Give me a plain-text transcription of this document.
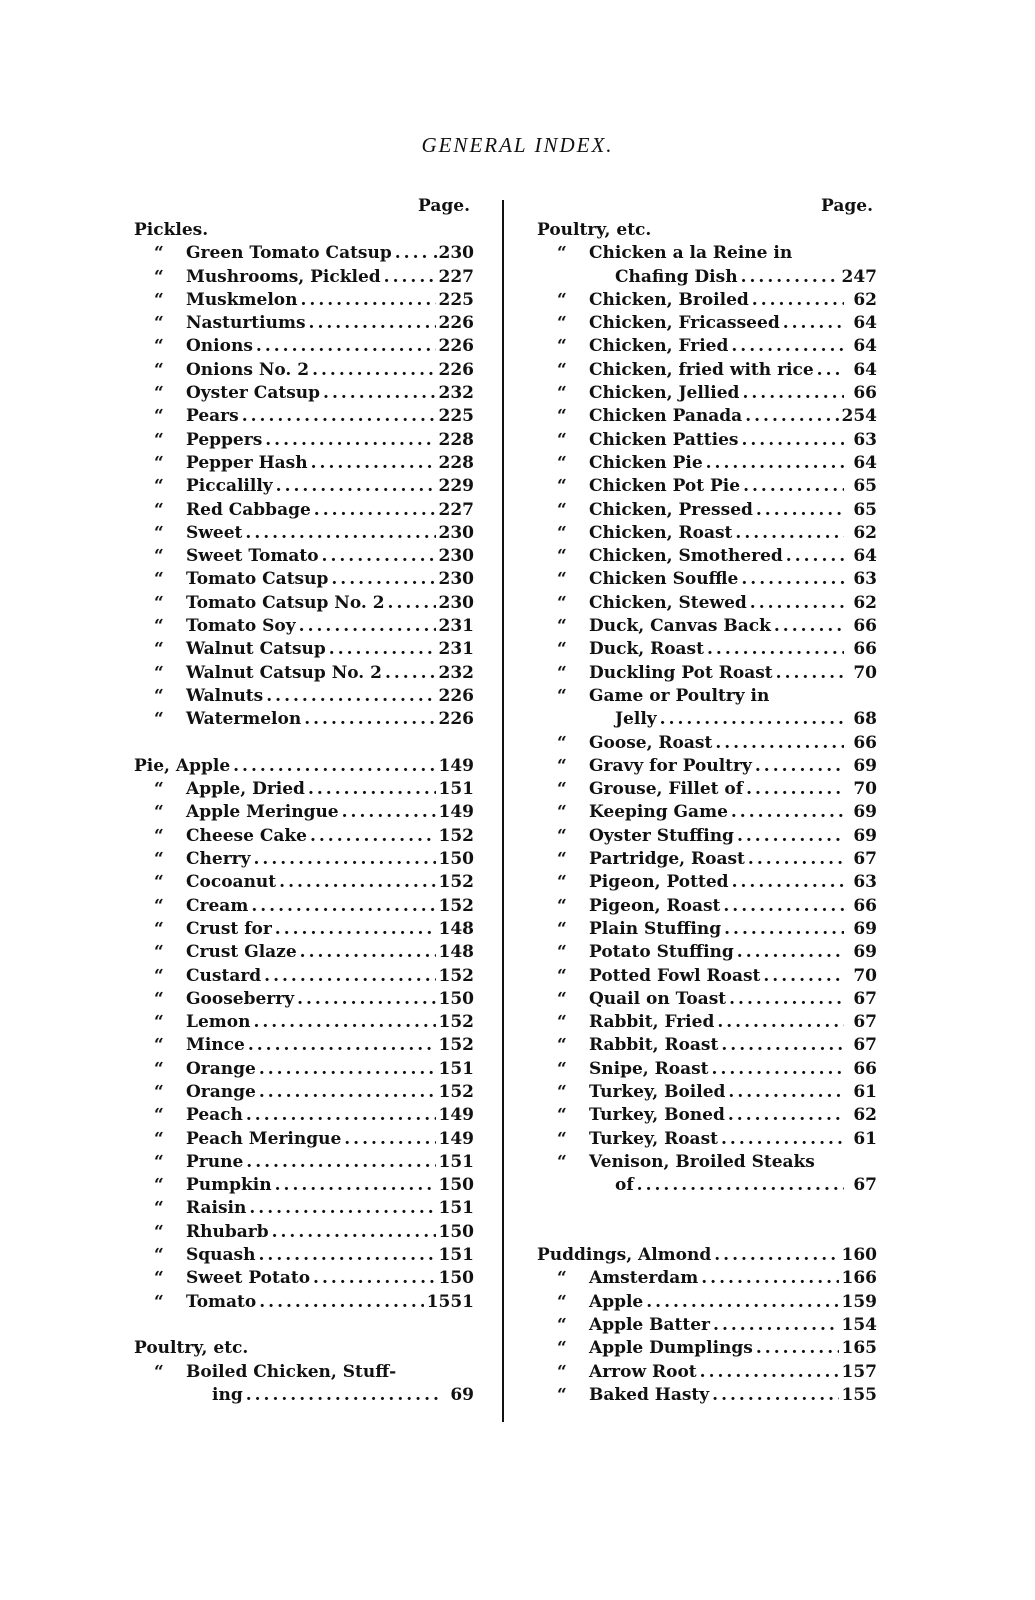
GENERAL INDEX.
Page.
Pickles.
“	Green Tomato Catsup ..... .230
“	Mushrooms, Pickled .....	227
“	Muskmelon .....	225
“	Nasturtiums .....	226
“	Onions .....	226
“	Onions No. 2 .....	226
“	Oyster Catsup .....	232
“	Pears .....	225
“	Peppers .....	228
“	Pepper Hash .....	228
“	Piccalilly .....	229
“	Red Cabbage .....	227
“	Sweet .....	230
“	Sweet Tomato .....	230
“	Tomato Catsup .....	230
“	Tomato Catsup No. 2 .....	230
“	Tomato Soy .....	231
“	Walnut Catsup .....	231
“	Walnut Catsup No. 2 .....	232
“	Walnuts .....	226
“	Watermelon .....	226
Pie, Apple .....	149
“	Apple, Dried .....	151
“	Apple Meringue .....	149
“	Cheese Cake .....	152
“	Cherry .....	150
“	Cocoanut .....	152
“	Cream .....	152
“	Crust for .....	148
“	Crust Glaze .....	148
“	Custard .....	152
“	Gooseberry .....	150
“	Lemon .....	152
“	Mince .....	152
“	Orange .....	151
“	Orange .....	152
“	Peach .....	149
“	Peach Meringue .....	149
“	Prune .....	151
“	Pumpkin .....	150
“	Raisin .....	151
“	Rhubarb .....	150
“	Squash .....	151
“	Sweet Potato .....	150
“	Tomato .....	1551
Poultry, etc.
“	Boiled Chicken, Stuff-
ing .....	69
Page.
Poultry, etc.
“	Chicken a la Reine in
Chafing Dish .....	247
“	Chicken, Broiled .....	62
“	Chicken, Fricasseed .....	64
“	Chicken, Fried .....	64
“	Chicken, fried with rice .....	64
“	Chicken, Jellied .....	66
“	Chicken Panada .....	254
“	Chicken Patties .....	63
“	Chicken Pie .....	64
“	Chicken Pot Pie .....	65
“	Chicken, Pressed .....	65
“	Chicken, Roast .....	62
“	Chicken, Smothered .....	64
“	Chicken Souffle .....	63
“	Chicken, Stewed .....	62
“	Duck, Canvas Back .....	66
“	Duck, Roast .....	66
“	Duckling Pot Roast .....	70
“	Game or Poultry in
Jelly .....	68
“	Goose, Roast .....	66
“	Gravy for Poultry .....	69
“	Grouse, Fillet of .....	70
“	Keeping Game .....	69
“	Oyster Stuffing .....	69
“	Partridge, Roast .....	67
“	Pigeon, Potted .....	63
“	Pigeon, Roast .....	66
“	Plain Stuffing .....	69
“	Potato Stuffing .....	69
“	Potted Fowl Roast .....	70
“	Quail on Toast .....	67
“	Rabbit, Fried .....	67
“	Rabbit, Roast .....	67
“	Snipe, Roast .....	66
“	Turkey, Boiled .....	61
“	Turkey, Boned .....	62
“	Turkey, Roast .....	61
“	Venison, Broiled Steaks
of .....	67
Puddings, Almond .....	160
“	Amsterdam .....	166
“	Apple .....	159
“	Apple Batter .....	154
“	Apple Dumplings .....	165
“	Arrow Root .....	157
“	Baked Hasty .....	155
